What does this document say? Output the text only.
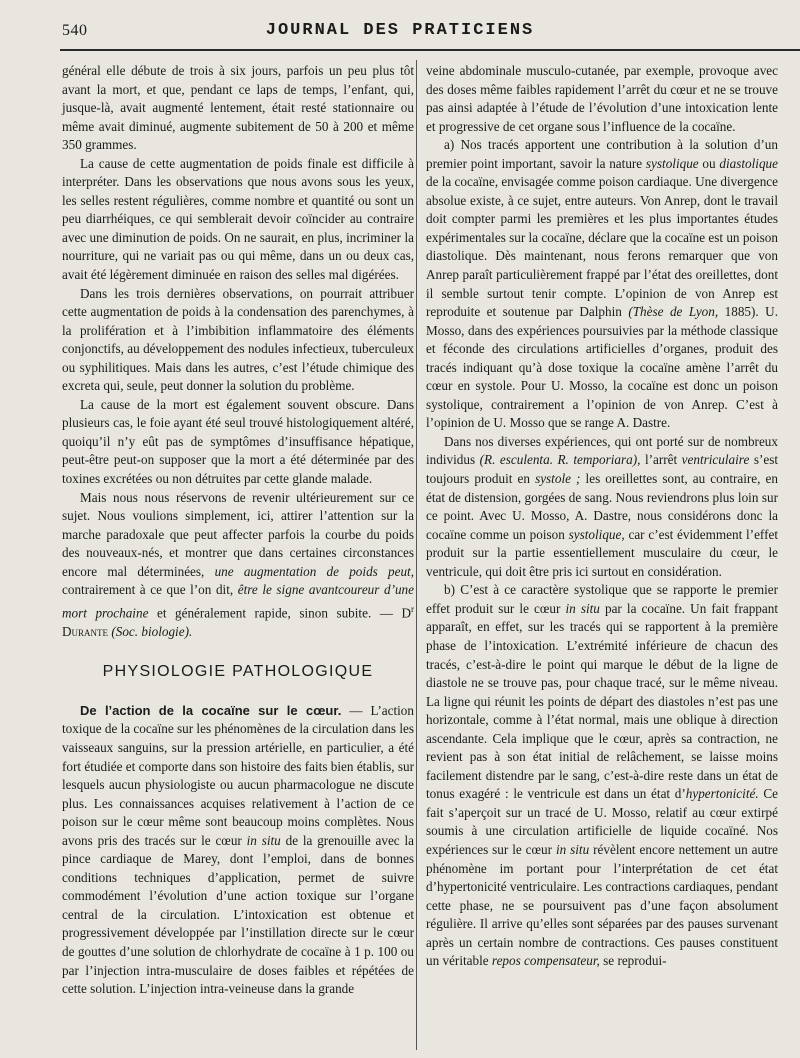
540	JOURNAL DES PRATICIENS

général elle débute de trois à six jours, parfois un peu plus tôt avant la mort, et que, pendant ce laps de temps, l’enfant, qui, jusque-là, avait augmenté lentement, était resté stationnaire ou même avait diminué, augmente subitement de 50 à 200 et même 350 grammes.

La cause de cette augmentation de poids finale est difficile à interpréter. Dans les observations que nous avons sous les yeux, les selles restent régulières, comme nombre et quantité ou sont un peu diarrhéiques, ce qui semblerait devoir coïncider au contraire avec une diminution de poids. On ne saurait, en plus, incriminer la nourriture, qui ne variait pas ou qui même, dans un ou deux cas, avait été légèrement diminuée en raison des selles mal digérées.

Dans les trois dernières observations, on pourrait attribuer cette augmentation de poids à la condensation des parenchymes, à la prolifération et à l’imbibition inflammatoire des éléments conjonctifs, au développement des nodules infectieux, tuberculeux ou syphilitiques. Mais dans les autres, c’est l’étude chimique des excreta qui, seule, peut donner la solution du problème.

La cause de la mort est également souvent obscure. Dans plusieurs cas, le foie ayant été seul trouvé histologiquement altéré, quoiqu’il n’y eût pas de symptômes d’insuffisance hépatique, peut-être peut-on supposer que la mort a été déterminée par des toxines excrétées ou non détruites par cette glande malade.

Mais nous nous réservons de revenir ultérieurement sur ce sujet. Nous voulions simplement, ici, attirer l’attention sur la marche paradoxale que peut affecter parfois la courbe du poids des nouveaux-nés, et montrer que dans certaines circonstances encore mal déterminées, une augmentation de poids peut, contrairement à ce que l’on dit, être le signe avantcoureur d’une mort prochaine et généralement rapide, sinon subite. — $D^r$ Durante (Soc. biologie).

PHYSIOLOGIE PATHOLOGIQUE

De l’action de la cocaïne sur le cœur. — L’action toxique de la cocaïne sur les phénomènes de la circulation dans les vaisseaux sanguins, sur la pression artérielle, en particulier, a été fort étudiée et comporte dans son histoire des faits bien établis, sur lesquels aucun physiologiste ou aucun pharmacologue ne discute plus. Les connaissances acquises relativement à l’action de ce poison sur le cœur même sont beaucoup moins complètes. Nous avons pris des tracés sur le cœur in situ de la grenouille avec la pince cardiaque de Marey, dont l’emploi, dans de bonnes conditions techniques d’application, permet de suivre commodément l’évolution d’une action toxique sur l’organe central de la circulation. L’intoxication est obtenue et progressivement développée par l’instillation directe sur le cœur de gouttes d’une solution de chlorhydrate de cocaïne à 1 p. 100 ou par l’injection intra-musculaire de doses faibles et répétées de cette solution. L’injection intra-veineuse dans la grande

veine abdominale musculo-cutanée, par exemple, provoque avec des doses même faibles rapidement l’arrêt du cœur et ne se trouve pas ainsi adaptée à l’étude de l’évolution d’une intoxication lente et progressive de cet organe sous l’influence de la cocaïne.

a) Nos tracés apportent une contribution à la solution d’un premier point important, savoir la nature systolique ou diastolique de la cocaïne, envisagée comme poison cardiaque. Une divergence absolue existe, à ce sujet, entre auteurs. Von Anrep, dont le travail doit compter parmi les premières et les plus importantes études expérimentales sur la cocaïne, déclare que la cocaïne est un poison diastolique. Dès maintenant, nous ferons remarquer que von Anrep paraît particulièrement frappé par l’état des oreillettes, dont il semble surtout tenir compte. L’opinion de von Anrep est reproduite et soutenue par Dalphin (Thèse de Lyon, 1885). U. Mosso, dans des expériences poursuivies par la méthode classique et féconde des circulations artificielles d’organes, produit des tracés indiquant qu’à dose toxique la cocaïne amène l’arrêt du cœur en systole. Pour U. Mosso, la cocaïne est donc un poison systolique, contrairement a l’opinion de von Anrep. C’est à l’opinion de U. Mosso que se range A. Dastre.

Dans nos diverses expériences, qui ont porté sur de nombreux individus (R. esculenta. R. temporiara), l’arrêt ventriculaire s’est toujours produit en systole ; les oreillettes sont, au contraire, en état de distension, gorgées de sang. Nous reviendrons plus loin sur ce point. Avec U. Mosso, A. Dastre, nous considérons donc la cocaïne comme un poison systolique, car c’est évidemment l’effet produit sur la partie essentiellement musculaire du cœur, le ventricule, qui doit être pris ici surtout en considération.

b) C’est à ce caractère systolique que se rapporte le premier effet produit sur le cœur in situ par la cocaïne. Un fait frappant apparaît, en effet, sur les tracés qui se rapportent à la première phase de l’intoxication. L’extrémité inférieure de chacun des tracés, c’est-à-dire le point qui marque le début de la ligne de diastole ne se trouve pas, pour chaque tracé, sur le même niveau. La ligne qui réunit les points de départ des diastoles n’est pas une horizontale, comme à l’état normal, mais une oblique à direction ascendante. Cela implique que le cœur, après sa contraction, ne revient pas à son état initial de relâchement, se laisse moins facilement distendre par le sang, c’est-à-dire reste dans un état de tonus exagéré : le ventricule est dans un état d’hypertonicité. Ce fait s’aperçoit sur un tracé de U. Mosso, relatif au cœur extirpé soumis à une circulation artificielle de liquide cocaïné. Nos expériences sur le cœur in situ révèlent encore nettement un autre phénomène im portant pour l’interprétation de cet état d’hypertonicité ventriculaire. Les contractions cardiaques, pendant cette phase, ne se poursuivent pas d’une façon absolument régulière. Il arrive qu’elles sont séparées par des pauses survenant après un certain nombre de contractions. Ces pauses constituent un véritable repos compensateur, se reprodui-
